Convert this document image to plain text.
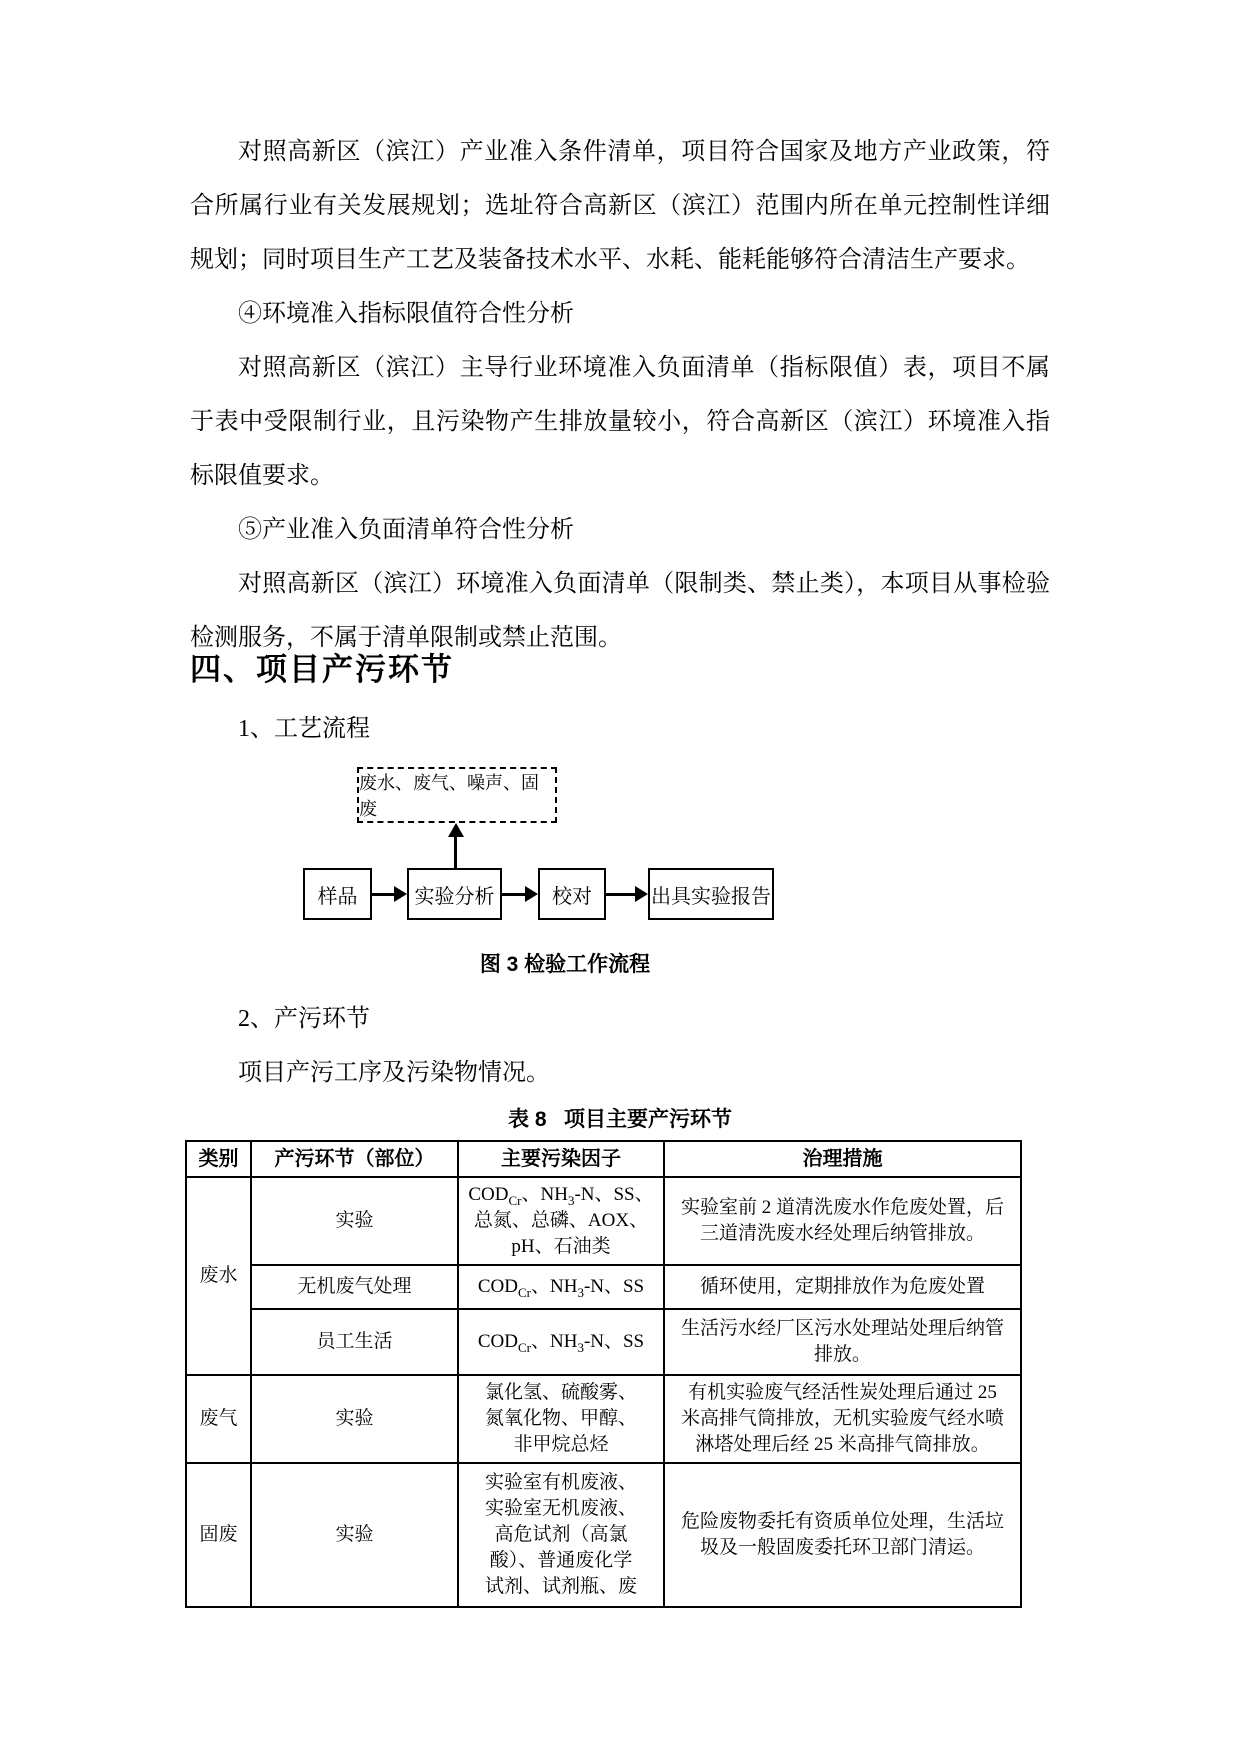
对照高新区（滨江）产业准入条件清单，项目符合国家及地方产业政策，符合所属行业有关发展规划；选址符合高新区（滨江）范围内所在单元控制性详细规划；同时项目生产工艺及装备技术水平、水耗、能耗能够符合清洁生产要求。

④环境准入指标限值符合性分析

对照高新区（滨江）主导行业环境准入负面清单（指标限值）表，项目不属于表中受限制行业，且污染物产生排放量较小，符合高新区（滨江）环境准入指标限值要求。

⑤产业准入负面清单符合性分析

对照高新区（滨江）环境准入负面清单（限制类、禁止类），本项目从事检验检测服务，不属于清单限制或禁止范围。

四、项目产污环节
1、工艺流程
废水、废气、噪声、固废
样品	实验分析	校对	出具实验报告
图 3 检验工作流程
2、产污环节
项目产污工序及污染物情况。
表 8   项目主要产污环节
类别	产污环节（部位）	主要污染因子	治理措施
废水	实验	$COD_{Cr}$、$NH_3-N$、SS、
总氮、总磷、AOX、
pH、石油类	实验室前 2 道清洗废水作危废处置，后
三道清洗废水经处理后纳管排放。
	无机废气处理	$COD_{Cr}$、$NH_3-N$、SS	循环使用，定期排放作为危废处置
	员工生活	$COD_{Cr}$、$NH_3-N$、SS	生活污水经厂区污水处理站处理后纳管
排放。
废气	实验	氯化氢、硫酸雾、
氮氧化物、甲醇、
非甲烷总烃	有机实验废气经活性炭处理后通过 25
米高排气筒排放，无机实验废气经水喷
淋塔处理后经 25 米高排气筒排放。
固废	实验	实验室有机废液、
实验室无机废液、
高危试剂（高氯
酸）、普通废化学
试剂、试剂瓶、废	危险废物委托有资质单位处理，生活垃
圾及一般固废委托环卫部门清运。
